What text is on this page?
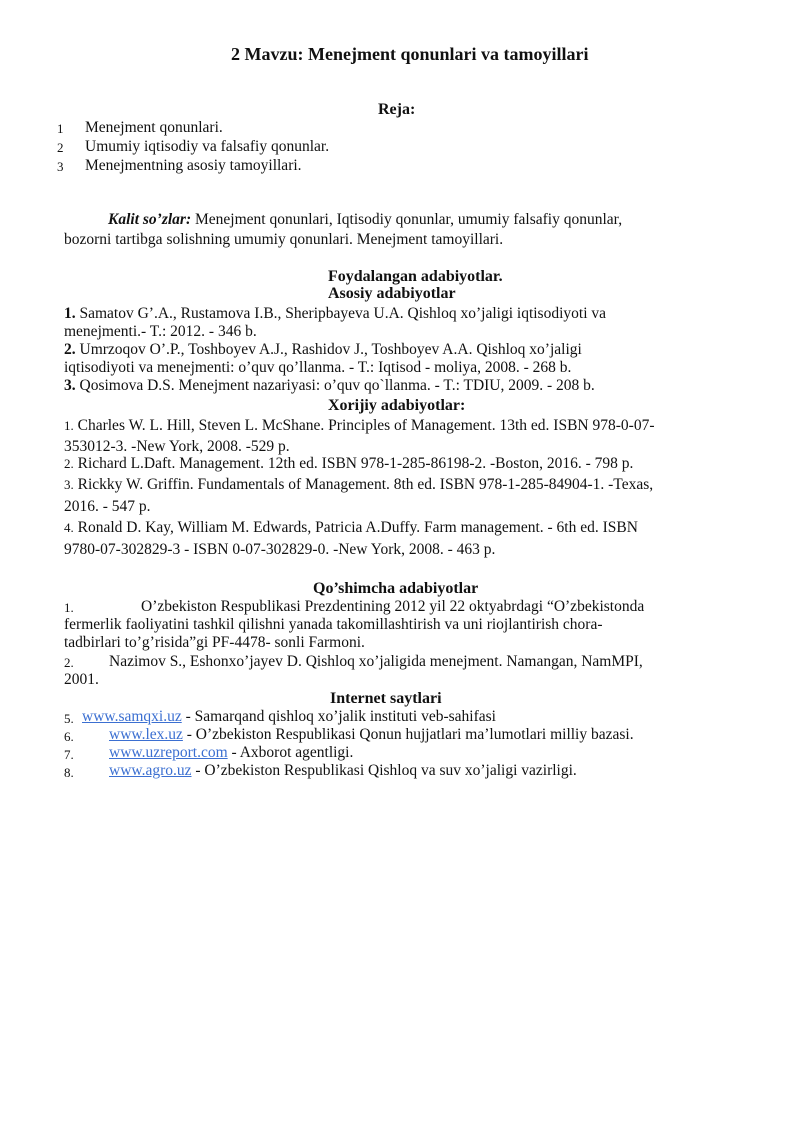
2 Mavzu: Menejment qonunlari va tamoyillari
Reja:
1 Menejment qonunlari.
2 Umumiy iqtisodiy va falsafiy qonunlar.
3 Menejmentning asosiy tamoyillari.
Kalit so’zlar: Menejment qonunlari, Iqtisodiy qonunlar, umumiy falsafiy qonunlar,
bozorni tartibga solishning umumiy qonunlari. Menejment tamoyillari.
Foydalangan adabiyotlar.
Asosiy adabiyotlar
1. Samatov G’.A., Rustamova I.B., Sheripbayeva U.A. Qishloq xo’jaligi iqtisodiyoti va
menejmenti.- T.: 2012. - 346 b.
2. Umrzoqov O’.P., Toshboyev A.J., Rashidov J., Toshboyev A.A. Qishloq xo’jaligi
iqtisodiyoti va menejmenti: o’quv qo’llanma. - T.: Iqtisod - moliya, 2008. - 268 b.
3. Qosimova D.S. Menejment nazariyasi: o’quv qo`llanma. - T.: TDIU, 2009. - 208 b.
Xorijiy adabiyotlar:
1. Charles W. L. Hill, Steven L. McShane. Principles of Management. 13th ed. ISBN 978-0-07-
353012-3. -New York, 2008. -529 p.
2. Richard L.Daft. Management. 12th ed. ISBN 978-1-285-86198-2. -Boston, 2016. - 798 p.
3. Rickky W. Griffin. Fundamentals of Management. 8th ed. ISBN 978-1-285-84904-1. -Texas,
2016. - 547 p.
4. Ronald D. Kay, William M. Edwards, Patricia A.Duffy. Farm management. - 6th ed. ISBN
9780-07-302829-3 - ISBN 0-07-302829-0. -New York, 2008. - 463 p.
Qo’shimcha adabiyotlar
1.	O’zbekiston Respublikasi Prezdentining 2012 yil 22 oktyabrdagi “O’zbekistonda
fermerlik faoliyatini tashkil qilishni yanada takomillashtirish va uni riojlantirish chora-
tadbirlari to’g’risida”gi PF-4478- sonli Farmoni.
2. Nazimov S., Eshonxo’jayev D. Qishloq xo’jaligida menejment. Namangan, NamMPI,
2001.
Internet saytlari
5. www.samqxi.uz - Samarqand qishloq xo’jalik instituti veb-sahifasi
6. www.lex.uz - O’zbekiston Respublikasi Qonun hujjatlari ma’lumotlari milliy bazasi.
7. www.uzreport.com - Axborot agentligi.
8. www.agro.uz - O’zbekiston Respublikasi Qishloq va suv xo’jaligi vazirligi.
